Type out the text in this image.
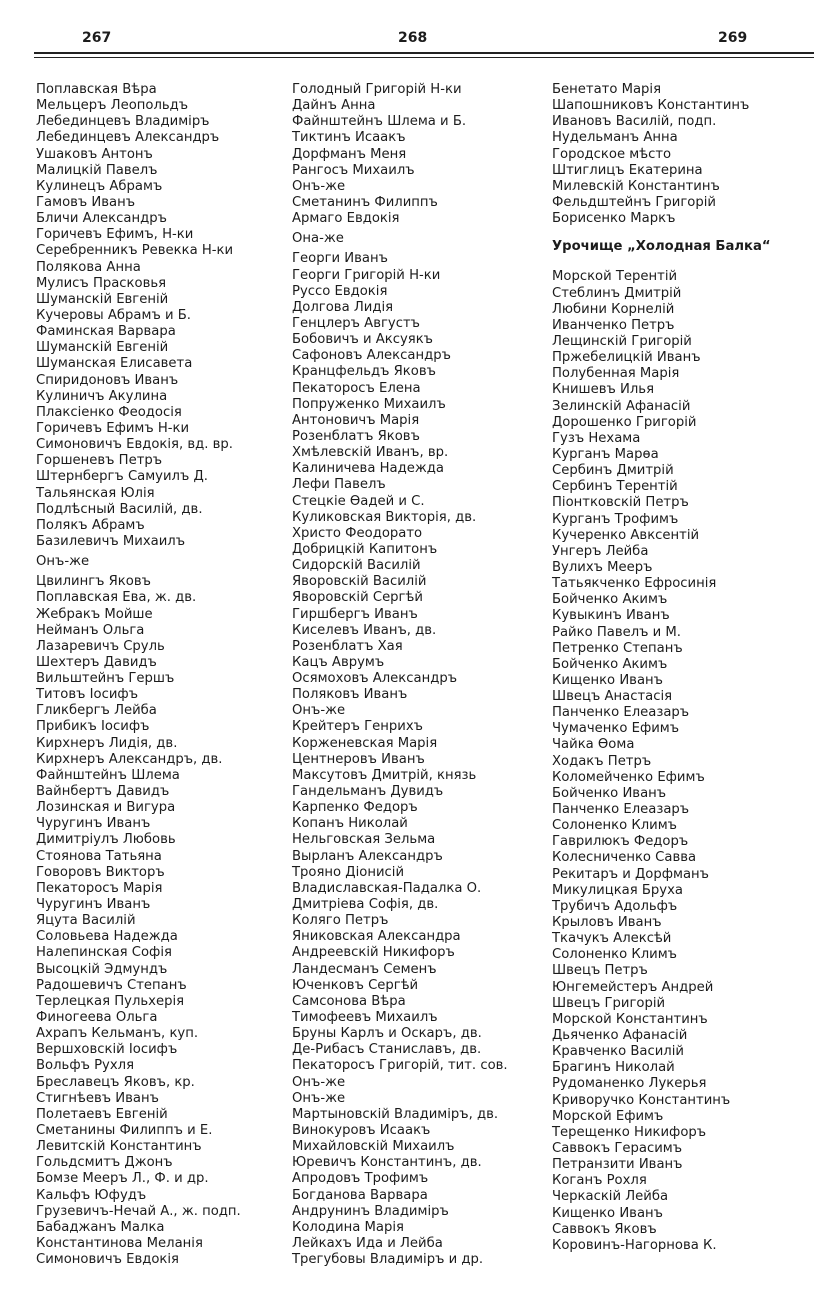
267	268	269
Поплавская Вѣра
Мельцеръ Леопольдъ
Лебединцевъ Владиміръ
Лебединцевъ Александръ
Ушаковъ Антонъ
Малицкій Павелъ
Кулинецъ Абрамъ
Гамовъ Иванъ
Бличи Александръ
Горичевъ Ефимъ, Н-ки
Серебренникъ Ревекка Н-ки
Полякова Анна
Мулисъ Прасковья
Шуманскій Евгеній
Кучеровы Абрамъ и Б.
Фаминская Варвара
Шуманскій Евгеній
Шуманская Елисавета
Спиридоновъ Иванъ
Кулиничъ Акулина
Плаксіенко Феодосія
Горичевъ Ефимъ Н-ки
Симоновичъ Евдокія, вд. вр.
Горшеневъ Петръ
Штернбергъ Самуилъ Д.
Тальянская Юлія
Подлѣсный Василій, дв.
Полякъ Абрамъ
Базилевичъ Михаилъ
Онъ-же
Цвилингъ Яковъ
Поплавская Ева, ж. дв.
Жебракъ Мойше
Нейманъ Ольга
Лазаревичъ Сруль
Шехтеръ Давидъ
Вильштейнъ Гершъ
Титовъ Іосифъ
Гликбергъ Лейба
Прибикъ Іосифъ
Кирхнеръ Лидія, дв.
Кирхнеръ Александръ, дв.
Файнштейнъ Шлема
Вайнбертъ Давидъ
Лозинская и Вигура
Чуругинъ Иванъ
Димитріулъ Любовь
Стоянова Татьяна
Говоровъ Викторъ
Пекаторосъ Марія
Чуругинъ Иванъ
Яцута Василій
Соловьева Надежда
Налепинская Софія
Высоцкій Эдмундъ
Радошевичъ Степанъ
Терлецкая Пульхерія
Финогеева Ольга
Ахрапъ Кельманъ, куп.
Вершховскій Іосифъ
Вольфъ Рухля
Бреславецъ Яковъ, кр.
Стигнѣевъ Иванъ
Полетаевъ Евгеній
Сметанины Филиппъ и Е.
Левитскій Константинъ
Гольдсмитъ Джонъ
Бомзе Мееръ Л., Ф. и др.
Кальфъ Юфудъ
Грузевичъ-Нечай А., ж. подп.
Бабаджанъ Малка
Константинова Меланія
Симоновичъ Евдокія
Голодный Григорій Н-ки
Дайнъ Анна
Файнштейнъ Шлема и Б.
Тиктинъ Исаакъ
Дорфманъ Меня
Рангосъ Михаилъ
Онъ-же
Сметанинъ Филиппъ
Армаго Евдокія
Она-же
Георги Иванъ
Георги Григорій Н-ки
Руссо Евдокія
Долгова Лидія
Генцлеръ Августъ
Бобовичъ и Аксуякъ
Сафоновъ Александръ
Кранцфельдъ Яковъ
Пекаторосъ Елена
Попруженко Михаилъ
Антоновичъ Марія
Розенблатъ Яковъ
Хмѣлевскій Иванъ, вр.
Калиничева Надежда
Лефи Павелъ
Стецкіе Ѳадей и С.
Куликовская Викторія, дв.
Христо Феодорато
Добрицкій Капитонъ
Сидорскій Василій
Яворовскій Василій
Яворовскій Сергѣй
Гиршбергъ Иванъ
Киселевъ Иванъ, дв.
Розенблатъ Хая
Кацъ Аврумъ
Осямоховъ Александръ
Поляковъ Иванъ
Онъ-же
Крейтеръ Генрихъ
Корженевская Марія
Центнеровъ Иванъ
Максутовъ Дмитрій, князь
Гандельманъ Дувидъ
Карпенко Федоръ
Копанъ Николай
Нельговская Зельма
Вырланъ Александръ
Трояно Діонисій
Владиславская-Падалка О.
Дмитріева Софія, дв.
Коляго Петръ
Яниковская Александра
Андреевскій Никифоръ
Ландесманъ Семенъ
Юченковъ Сергѣй
Самсонова Вѣра
Тимофеевъ Михаилъ
Бруны Карлъ и Оскаръ, дв.
Де-Рибасъ Станиславъ, дв.
Пекаторосъ Григорій, тит. сов.
Онъ-же
Онъ-же
Мартыновскій Владиміръ, дв.
Винокуровъ Исаакъ
Михайловскій Михаилъ
Юревичъ Константинъ, дв.
Апродовъ Трофимъ
Богданова Варвара
Андрунинъ Владиміръ
Колодина Марія
Лейкахъ Ида и Лейба
Трегубовы Владиміръ и др.
Бенетато Марія
Шапошниковъ Константинъ
Ивановъ Василій, подп.
Нудельманъ Анна
Городское мѣсто
Штиглицъ Екатерина
Милевскій Константинъ
Фельдштейнъ Григорій
Борисенко Маркъ
Урочище „Холодная Балка“
Морской Терентій
Стеблинъ Дмитрій
Любини Корнелій
Иванченко Петръ
Лещинскій Григорій
Пржебелицкій Иванъ
Полубенная Марія
Книшевъ Илья
Зелинскій Афанасій
Дорошенко Григорій
Гузъ Нехама
Курганъ Марѳа
Сербинъ Дмитрій
Сербинъ Терентій
Піонтковскій Петръ
Курганъ Трофимъ
Кучеренко Авксентій
Унгеръ Лейба
Вулихъ Мееръ
Татьякченко Ефросинія
Бойченко Акимъ
Кувыкинъ Иванъ
Райко Павелъ и М.
Петренко Степанъ
Бойченко Акимъ
Кищенко Иванъ
Швецъ Анастасія
Панченко Елеазаръ
Чумаченко Ефимъ
Чайка Ѳома
Ходакъ Петръ
Коломейченко Ефимъ
Бойченко Иванъ
Панченко Елеазаръ
Солоненко Климъ
Гаврилюкъ Федоръ
Колесниченко Савва
Рекитаръ и Дорфманъ
Микулицкая Бруха
Трубичъ Адольфъ
Крыловъ Иванъ
Ткачукъ Алексѣй
Солоненко Климъ
Швецъ Петръ
Юнгемейстеръ Андрей
Швецъ Григорій
Морской Константинъ
Дьяченко Афанасій
Кравченко Василій
Брагинъ Николай
Рудоманенко Лукерья
Криворучко Константинъ
Морской Ефимъ
Терещенко Никифоръ
Саввокъ Герасимъ
Петранзити Иванъ
Коганъ Рохля
Черкаскій Лейба
Кищенко Иванъ
Саввокъ Яковъ
Коровинъ-Нагорнова К.
